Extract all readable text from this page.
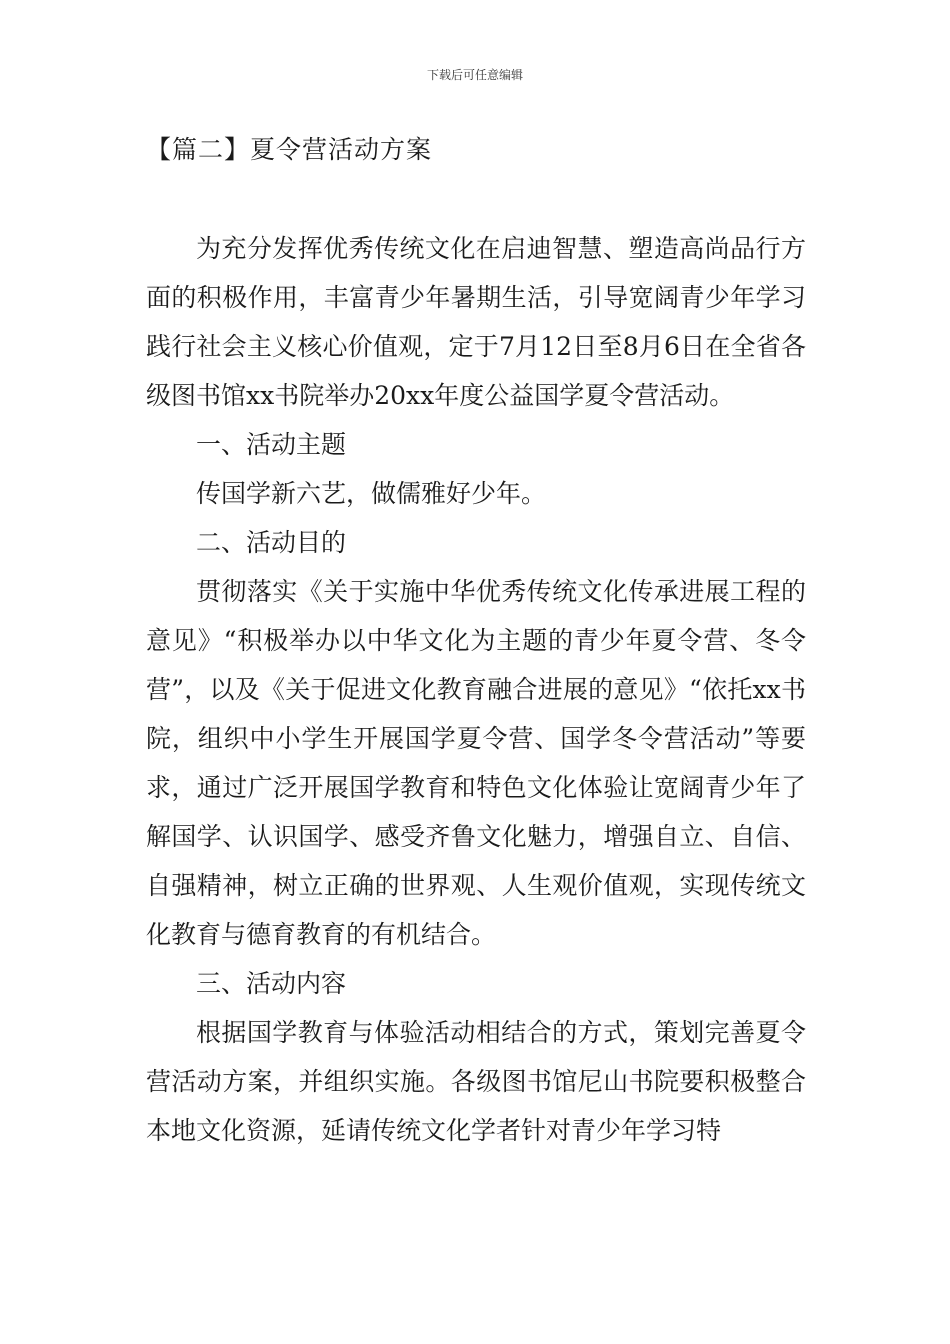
下载后可任意编辑
【篇二】夏令营活动方案

为充分发挥优秀传统文化在启迪智慧、塑造高尚品行方面的积极作用，丰富青少年暑期生活，引导宽阔青少年学习践行社会主义核心价值观，定于7月12日至8月6日在全省各级图书馆xx书院举办20xx年度公益国学夏令营活动。

一、活动主题

传国学新六艺，做儒雅好少年。

二、活动目的

贯彻落实《关于实施中华优秀传统文化传承进展工程的意见》“积极举办以中华文化为主题的青少年夏令营、冬令营”，以及《关于促进文化教育融合进展的意见》“依托xx书院，组织中小学生开展国学夏令营、国学冬令营活动”等要求，通过广泛开展国学教育和特色文化体验让宽阔青少年了解国学、认识国学、感受齐鲁文化魅力，增强自立、自信、自强精神，树立正确的世界观、人生观价值观，实现传统文化教育与德育教育的有机结合。

三、活动内容

根据国学教育与体验活动相结合的方式，策划完善夏令营活动方案，并组织实施。各级图书馆尼山书院要积极整合本地文化资源，延请传统文化学者针对青少年学习特
